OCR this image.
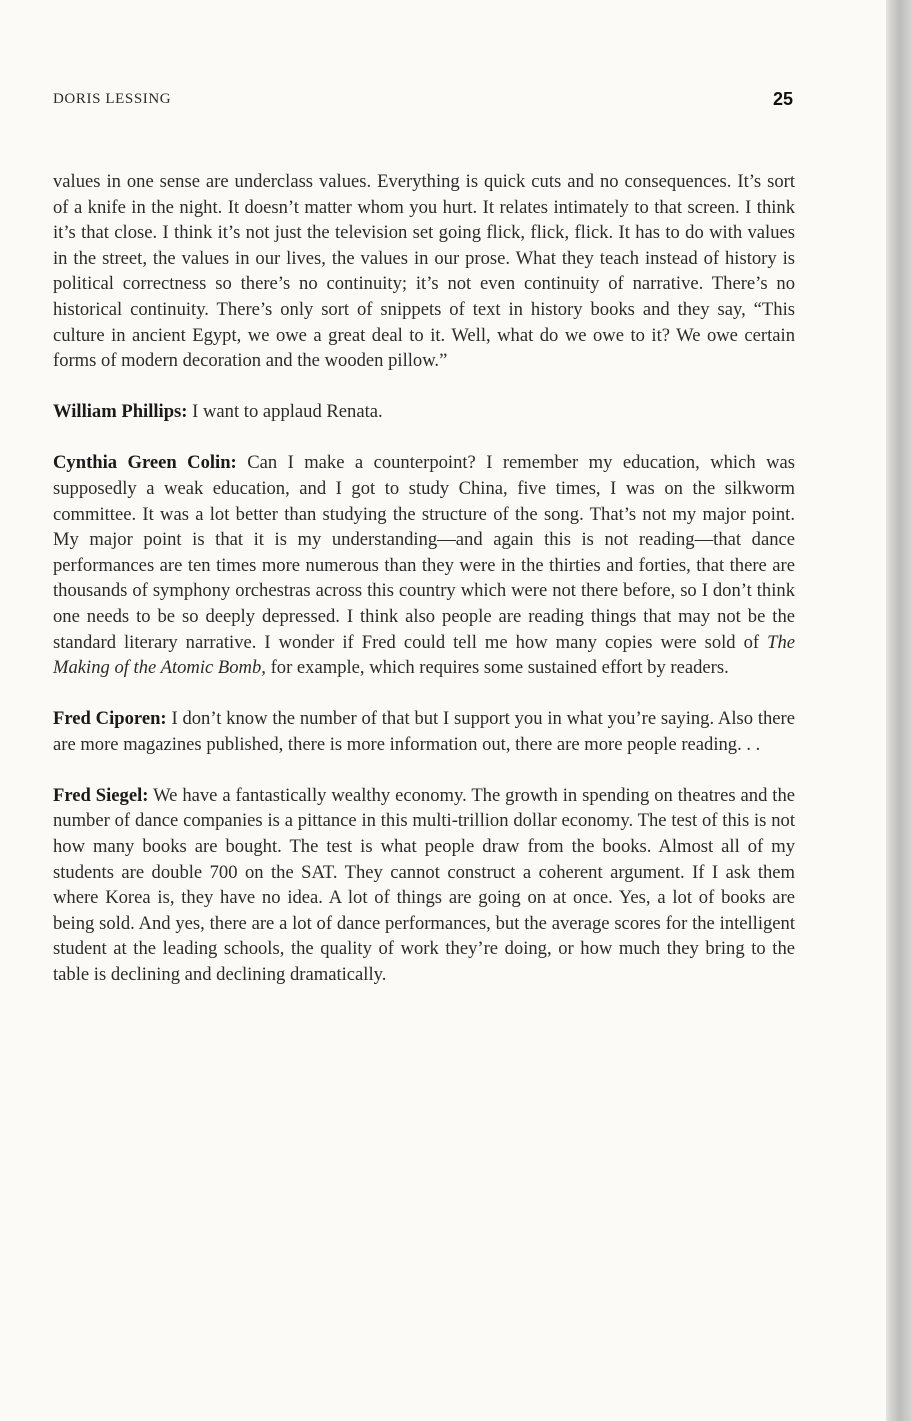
DORIS LESSING	25

values in one sense are underclass values. Everything is quick cuts and no consequences. It’s sort of a knife in the night. It doesn’t matter whom you hurt. It relates intimately to that screen. I think it’s that close. I think it’s not just the television set going flick, flick, flick. It has to do with values in the street, the values in our lives, the values in our prose. What they teach instead of history is political correctness so there’s no continuity; it’s not even continuity of narrative. There’s no historical continuity. There’s only sort of snippets of text in history books and they say, “This culture in ancient Egypt, we owe a great deal to it. Well, what do we owe to it? We owe certain forms of modern decoration and the wooden pillow.”

William Phillips: I want to applaud Renata.

Cynthia Green Colin: Can I make a counterpoint? I remember my education, which was supposedly a weak education, and I got to study China, five times, I was on the silkworm committee. It was a lot better than studying the structure of the song. That’s not my major point. My major point is that it is my understanding—and again this is not reading—that dance performances are ten times more numerous than they were in the thirties and forties, that there are thousands of symphony orchestras across this country which were not there before, so I don’t think one needs to be so deeply depressed. I think also people are reading things that may not be the standard literary narrative. I wonder if Fred could tell me how many copies were sold of The Making of the Atomic Bomb, for example, which requires some sustained effort by readers.

Fred Ciporen: I don’t know the number of that but I support you in what you’re saying. Also there are more magazines published, there is more information out, there are more people reading. . .

Fred Siegel: We have a fantastically wealthy economy. The growth in spending on theatres and the number of dance companies is a pittance in this multi-trillion dollar economy. The test of this is not how many books are bought. The test is what people draw from the books. Almost all of my students are double 700 on the SAT. They cannot construct a coherent argument. If I ask them where Korea is, they have no idea. A lot of things are going on at once. Yes, a lot of books are being sold. And yes, there are a lot of dance performances, but the average scores for the intelligent student at the leading schools, the quality of work they’re doing, or how much they bring to the table is declining and declining dramatically.
